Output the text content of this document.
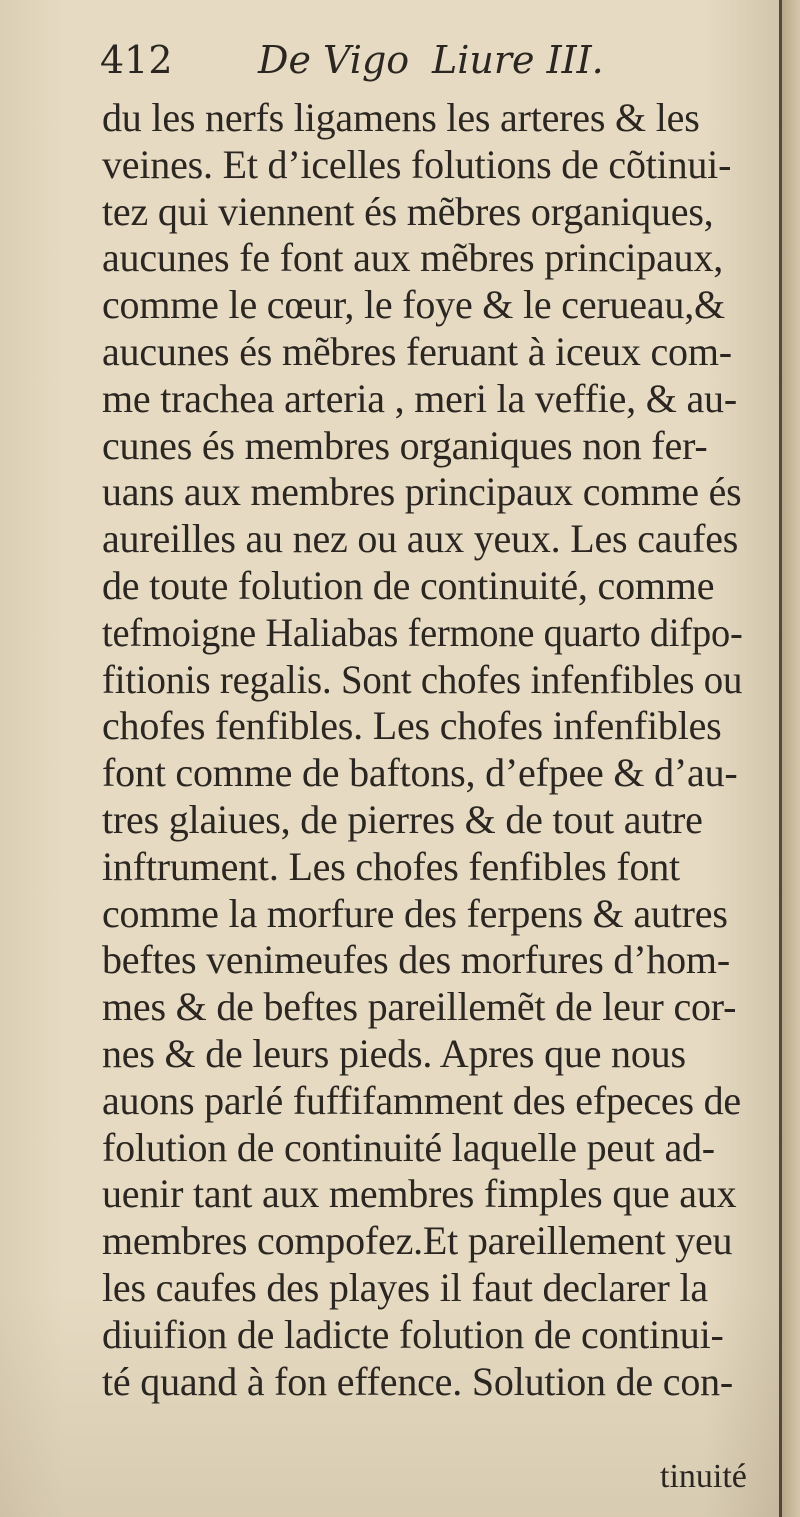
412 De Vigo Liure III.
du les nerfs ligamens les arteres & les
veines. Et d’icelles folutions de cõtinui-
tez qui viennent és mẽbres organiques,
aucunes fe font aux mẽbres principaux,
comme le cœur, le foye & le cerueau,&
aucunes és mẽbres feruant à iceux com-
me trachea arteria , meri la veffie, & au-
cunes és membres organiques non fer-
uans aux membres principaux comme és
aureilles au nez ou aux yeux. Les caufes
de toute folution de continuité, comme
tefmoigne Haliabas fermone quarto difpo-
fitionis regalis. Sont chofes infenfibles ou
chofes fenfibles. Les chofes infenfibles
font comme de baftons, d’efpee & d’au-
tres glaiues, de pierres & de tout autre
inftrument. Les chofes fenfibles font
comme la morfure des ferpens & autres
beftes venimeufes des morfures d’hom-
mes & de beftes pareillemẽt de leur cor-
nes & de leurs pieds. Apres que nous
auons parlé fuffifamment des efpeces de
folution de continuité laquelle peut ad-
uenir tant aux membres fimples que aux
membres compofez.Et pareillement yeu
les caufes des playes il faut declarer la
diuifion de ladicte folution de continui-
té quand à fon effence. Solution de con-
tinuité
